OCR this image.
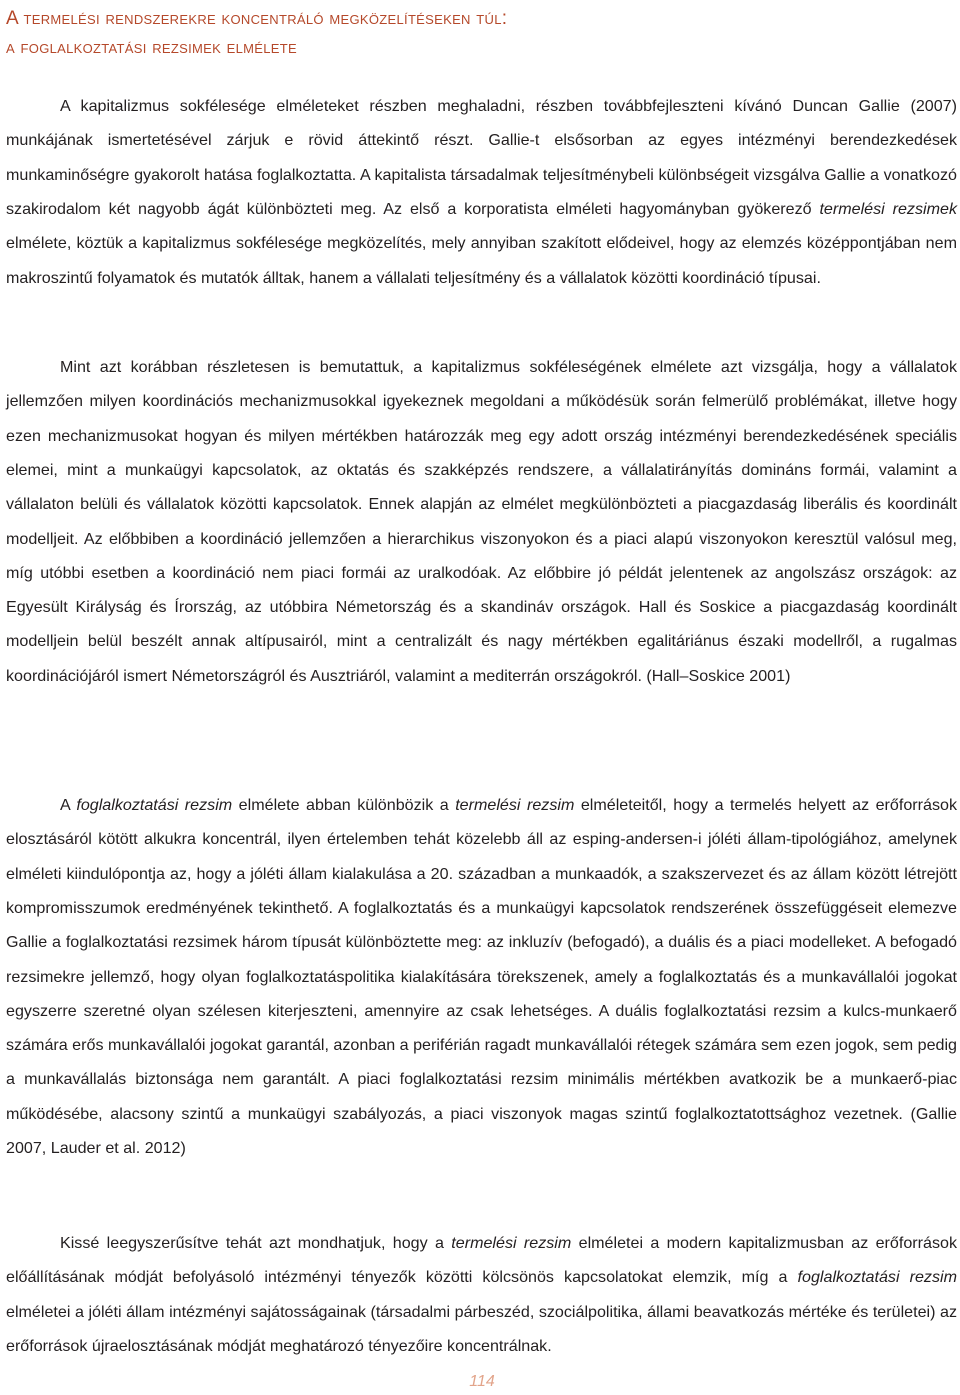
A termelési rendszerekre koncentráló megközelítéseken túl:
a foglalkoztatási rezsimek elmélete

A kapitalizmus sokfélesége elméleteket részben meghaladni, részben továbbfejleszteni kívánó Duncan Gallie (2007) munkájának ismertetésével zárjuk e rövid áttekintő részt. Gallie-t elsősorban az egyes intézményi berendezkedések munkaminőségre gyakorolt hatása foglalkoztatta. A kapitalista társadalmak teljesítménybeli különbségeit vizsgálva Gallie a vonatkozó szakirodalom két nagyobb ágát különbözteti meg. Az első a korporatista elméleti hagyományban gyökerező termelési rezsimek elmélete, köztük a kapitalizmus sokfélesége megközelítés, mely annyiban szakított elődeivel, hogy az elemzés középpontjában nem makroszintű folyamatok és mutatók álltak, hanem a vállalati teljesítmény és a vállalatok közötti koordináció típusai.

Mint azt korábban részletesen is bemutattuk, a kapitalizmus sokféleségének elmélete azt vizsgálja, hogy a vállalatok jellemzően milyen koordinációs mechanizmusokkal igyekeznek megoldani a működésük során felmerülő problémákat, illetve hogy ezen mechanizmusokat hogyan és milyen mértékben határozzák meg egy adott ország intézményi berendezkedésének speciális elemei, mint a munkaügyi kapcsolatok, az oktatás és szakképzés rendszere, a vállalatirányítás domináns formái, valamint a vállalaton belüli és vállalatok közötti kapcsolatok. Ennek alapján az elmélet megkülönbözteti a piacgazdaság liberális és koordinált modelljeit. Az előbbiben a koordináció jellemzően a hierarchikus viszonyokon és a piaci alapú viszonyokon keresztül valósul meg, míg utóbbi esetben a koordináció nem piaci formái az uralkodóak. Az előbbire jó példát jelentenek az angolszász országok: az Egyesült Királyság és Írország, az utóbbira Németország és a skandináv országok. Hall és Soskice a piacgazdaság koordinált modelljein belül beszélt annak altípusairól, mint a centralizált és nagy mértékben egalitáriánus északi modellről, a rugalmas koordinációjáról ismert Németországról és Ausztriáról, valamint a mediterrán országokról. (Hall–Soskice 2001)

A foglalkoztatási rezsim elmélete abban különbözik a termelési rezsim elméleteitől, hogy a termelés helyett az erőforrások elosztásáról kötött alkukra koncentrál, ilyen értelemben tehát közelebb áll az esping-andersen-i jóléti állam-tipológiához, amelynek elméleti kiindulópontja az, hogy a jóléti állam kialakulása a 20. században a munkaadók, a szakszervezet és az állam között létrejött kompromisszumok eredményének tekinthető. A foglalkoztatás és a munkaügyi kapcsolatok rendszerének összefüggéseit elemezve Gallie a foglalkoztatási rezsimek három típusát különböztette meg: az inkluzív (befogadó), a duális és a piaci modelleket. A befogadó rezsimekre jellemző, hogy olyan foglalkoztatáspolitika kialakítására törekszenek, amely a foglalkoztatás és a munkavállalói jogokat egyszerre szeretné olyan szélesen kiterjeszteni, amennyire az csak lehetséges. A duális foglalkoztatási rezsim a kulcs-munkaerő számára erős munkavállalói jogokat garantál, azonban a periférián ragadt munkavállalói rétegek számára sem ezen jogok, sem pedig a munkavállalás biztonsága nem garantált. A piaci foglalkoztatási rezsim minimális mértékben avatkozik be a munkaerő-piac működésébe, alacsony szintű a munkaügyi szabályozás, a piaci viszonyok magas szintű foglalkoztatottsághoz vezetnek. (Gallie 2007, Lauder et al. 2012)

Kissé leegyszerűsítve tehát azt mondhatjuk, hogy a termelési rezsim elméletei a modern kapitalizmusban az erőforrások előállításának módját befolyásoló intézményi tényezők közötti kölcsönös kapcsolatokat elemzik, míg a foglalkoztatási rezsim elméletei a jóléti állam intézményi sajátosságainak (társadalmi párbeszéd, szociálpolitika, állami beavatkozás mértéke és területei) az erőforrások újraelosztásának módját meghatározó tényezőire koncentrálnak.

114
